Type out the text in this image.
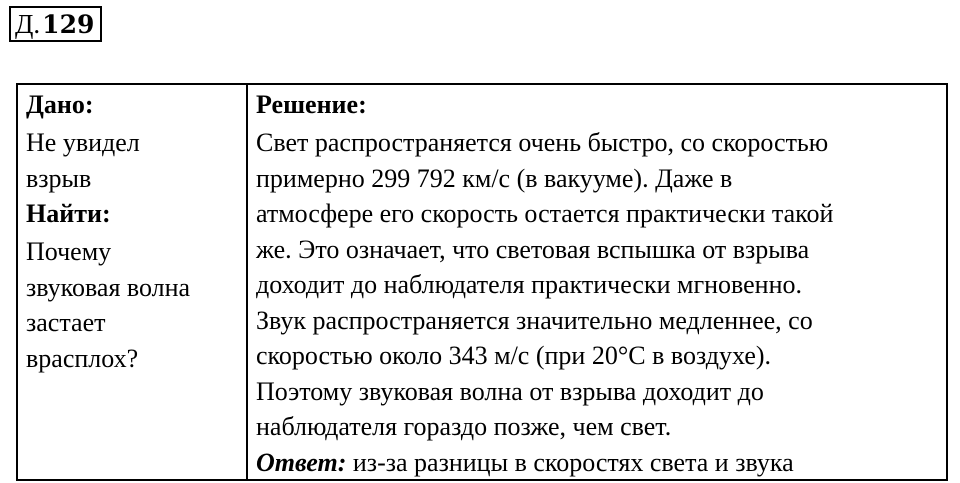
Д. 129
Дано:
Не увидел
взрыв
Найти:
Почему
звуковая волна
застает
врасплох?
Решение:
Свет распространяется очень быстро, со скоростью
примерно 299 792 км/с (в вакууме). Даже в
атмосфере его скорость остается практически такой
же. Это означает, что световая вспышка от взрыва
доходит до наблюдателя практически мгновенно.
Звук распространяется значительно медленнее, со
скоростью около 343 м/с (при 20°C в воздухе).
Поэтому звуковая волна от взрыва доходит до
наблюдателя гораздо позже, чем свет.
Ответ: из-за разницы в скоростях света и звука
